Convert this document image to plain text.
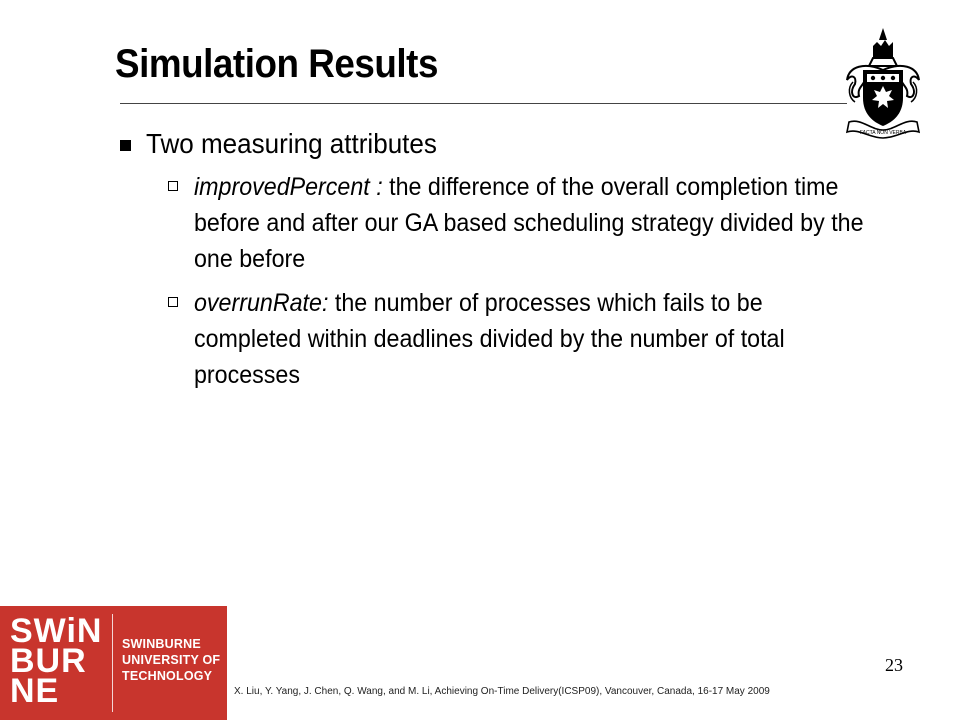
Simulation Results
FACTA NON VERBA
Two measuring attributes
improvedPercent : the difference of the overall completion time before and after our GA based scheduling strategy divided by the one before
overrunRate: the number of processes which fails to be completed within deadlines divided by the number of total processes
SWiN
BUR
NE
SWINBURNE
UNIVERSITY OF
TECHNOLOGY
23
X. Liu, Y. Yang, J. Chen, Q. Wang, and M. Li, Achieving On-Time Delivery(ICSP09), Vancouver, Canada, 16-17 May 2009
